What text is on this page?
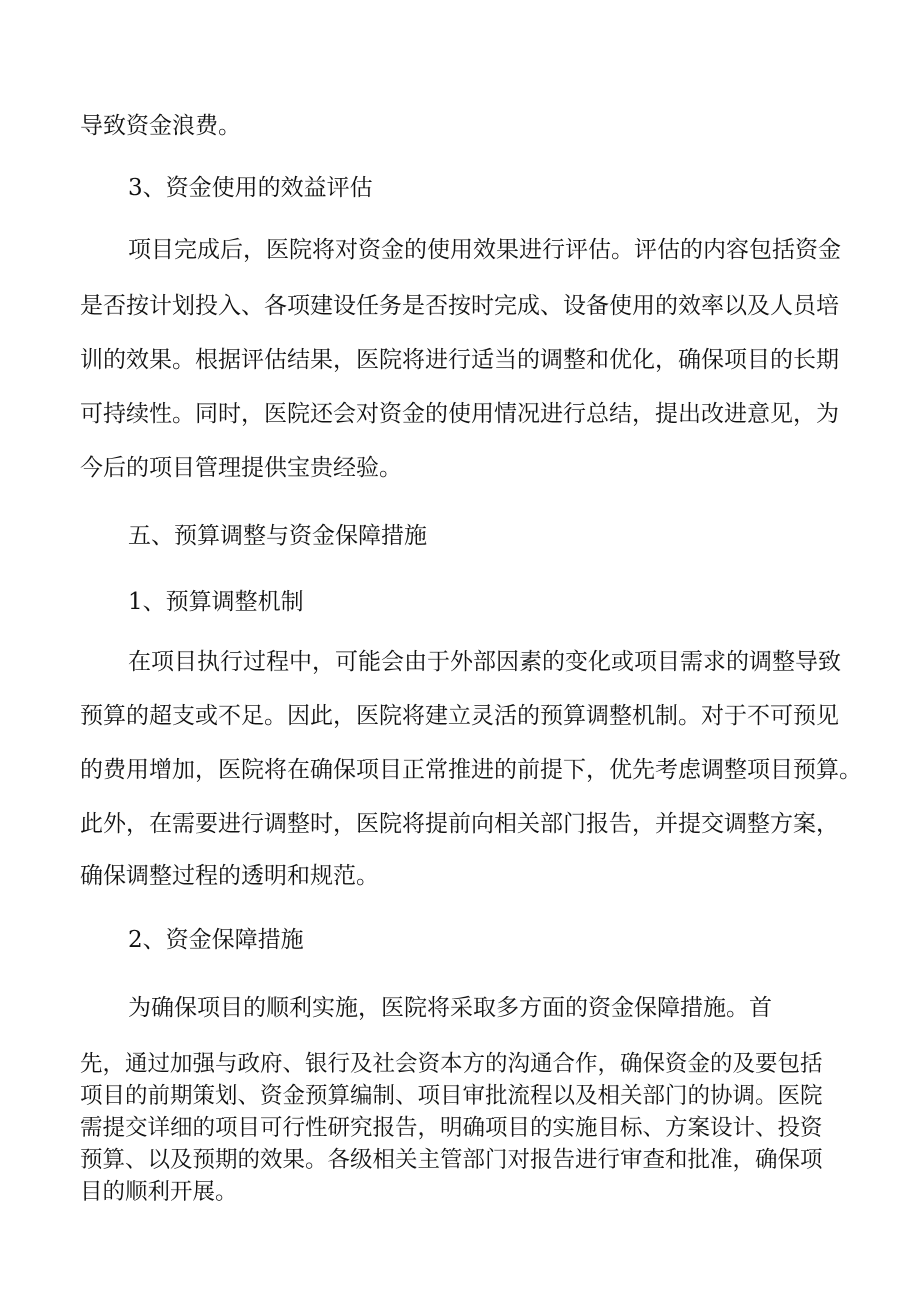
导致资金浪费。
3、资金使用的效益评估
项目完成后，医院将对资金的使用效果进行评估。评估的内容包括资金
是否按计划投入、各项建设任务是否按时完成、设备使用的效率以及人员培
训的效果。根据评估结果，医院将进行适当的调整和优化，确保项目的长期
可持续性。同时，医院还会对资金的使用情况进行总结，提出改进意见，为
今后的项目管理提供宝贵经验。
五、预算调整与资金保障措施
1、预算调整机制
在项目执行过程中，可能会由于外部因素的变化或项目需求的调整导致
预算的超支或不足。因此，医院将建立灵活的预算调整机制。对于不可预见
的费用增加，医院将在确保项目正常推进的前提下，优先考虑调整项目预算。
此外，在需要进行调整时，医院将提前向相关部门报告，并提交调整方案，
确保调整过程的透明和规范。
2、资金保障措施
为确保项目的顺利实施，医院将采取多方面的资金保障措施。首
先，通过加强与政府、银行及社会资本方的沟通合作，确保资金的及要包括
项目的前期策划、资金预算编制、项目审批流程以及相关部门的协调。医院
需提交详细的项目可行性研究报告，明确项目的实施目标、方案设计、投资
预算、以及预期的效果。各级相关主管部门对报告进行审查和批准，确保项
目的顺利开展。
